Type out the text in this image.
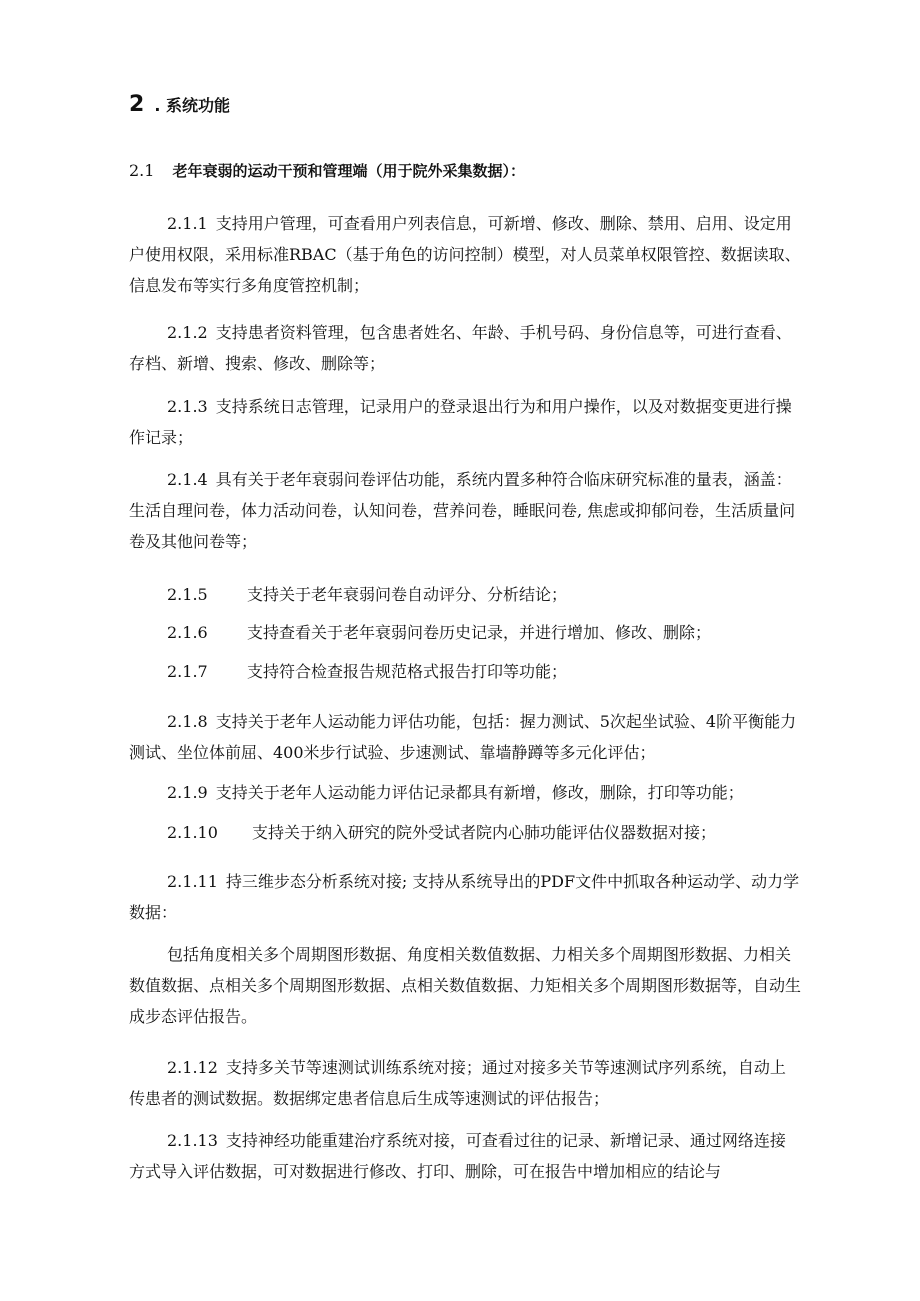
2 . 系统功能
2.1 老年衰弱的运动干预和管理端（用于院外采集数据）：

2.1.1 支持用户管理，可查看用户列表信息，可新增、修改、删除、禁用、启用、设定用户使用权限，采用标准RBAC（基于角色的访问控制）模型，对人员菜单权限管控、数据读取、信息发布等实行多角度管控机制；

2.1.2 支持患者资料管理，包含患者姓名、年龄、手机号码、身份信息等，可进行查看、存档、新增、搜索、修改、删除等；

2.1.3 支持系统日志管理，记录用户的登录退出行为和用户操作，以及对数据变更进行操作记录；

2.1.4 具有关于老年衰弱问卷评估功能，系统内置多种符合临床研究标准的量表，涵盖：生活自理问卷，体力活动问卷，认知问卷，营养问卷，睡眠问卷, 焦虑或抑郁问卷，生活质量问卷及其他问卷等；

2.1.5 支持关于老年衰弱问卷自动评分、分析结论；
2.1.6 支持查看关于老年衰弱问卷历史记录，并进行增加、修改、删除；
2.1.7 支持符合检查报告规范格式报告打印等功能；

2.1.8 支持关于老年人运动能力评估功能，包括：握力测试、5次起坐试验、4阶平衡能力测试、坐位体前屈、400米步行试验、步速测试、靠墙静蹲等多元化评估；

2.1.9 支持关于老年人运动能力评估记录都具有新增，修改，删除，打印等功能；

2.1.10 支持关于纳入研究的院外受试者院内心肺功能评估仪器数据对接；

2.1.11 持三维步态分析系统对接; 支持从系统导出的PDF文件中抓取各种运动学、动力学数据：

包括角度相关多个周期图形数据、角度相关数值数据、力相关多个周期图形数据、力相关数值数据、点相关多个周期图形数据、点相关数值数据、力矩相关多个周期图形数据等，自动生成步态评估报告。

2.1.12 支持多关节等速测试训练系统对接；通过对接多关节等速测试序列系统，自动上传患者的测试数据。数据绑定患者信息后生成等速测试的评估报告；

2.1.13 支持神经功能重建治疗系统对接，可查看过往的记录、新增记录、通过网络连接方式导入评估数据，可对数据进行修改、打印、删除，可在报告中增加相应的结论与
